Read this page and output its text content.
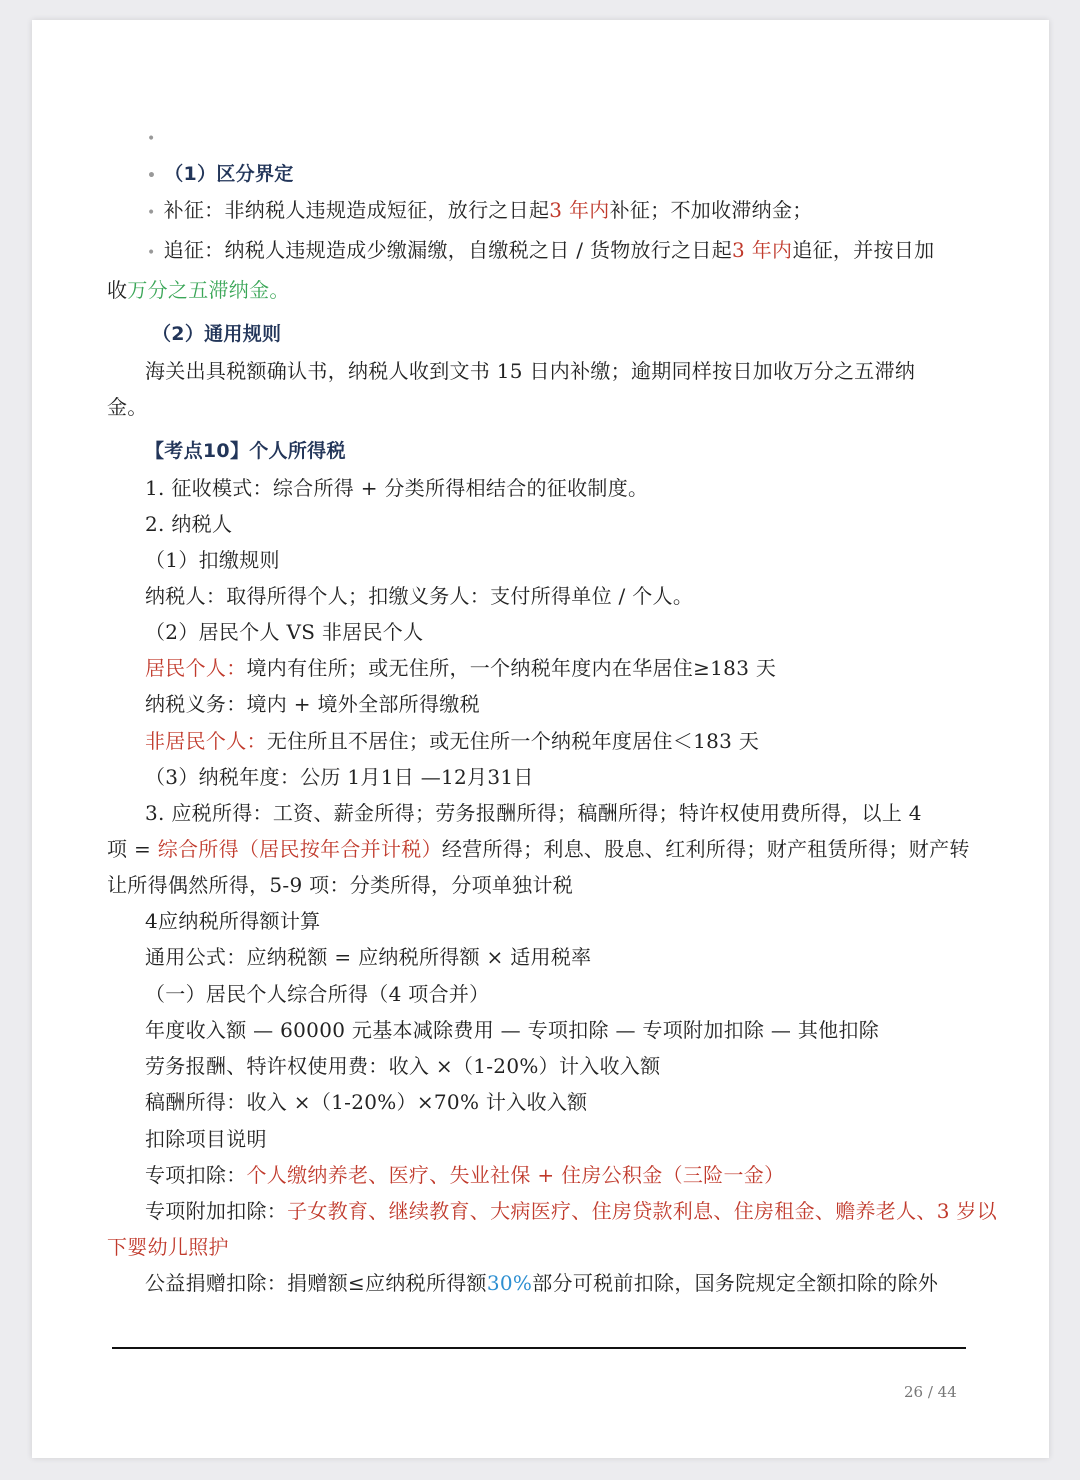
•
• （1）区分界定
• 补征：非纳税人违规造成短征，放行之日起3 年内补征；不加收滞纳金；
• 追征：纳税人违规造成少缴漏缴，自缴税之日 / 货物放行之日起3 年内追征，并按日加
收万分之五滞纳金。
（2）通用规则
海关出具税额确认书，纳税人收到文书 15 日内补缴；逾期同样按日加收万分之五滞纳
金。
【考点10】个人所得税
1. 征收模式：综合所得 + 分类所得相结合的征收制度。
2. 纳税人
（1）扣缴规则
纳税人：取得所得个人；扣缴义务人：支付所得单位 / 个人。
（2）居民个人 VS 非居民个人
居民个人：境内有住所；或无住所，一个纳税年度内在华居住≥183 天
纳税义务：境内 + 境外全部所得缴税
非居民个人：无住所且不居住；或无住所一个纳税年度居住＜183 天
（3）纳税年度：公历 1月1日 —12月31日
3. 应税所得：工资、薪金所得；劳务报酬所得；稿酬所得；特许权使用费所得，以上 4
项 = 综合所得（居民按年合并计税）经营所得；利息、股息、红利所得；财产租赁所得；财产转
让所得偶然所得，5-9 项：分类所得，分项单独计税
4应纳税所得额计算
通用公式：应纳税额 = 应纳税所得额 × 适用税率
（一）居民个人综合所得（4 项合并）
年度收入额 — 60000 元基本减除费用 — 专项扣除 — 专项附加扣除 — 其他扣除
劳务报酬、特许权使用费：收入 ×（1-20%）计入收入额
稿酬所得：收入 ×（1-20%）×70% 计入收入额
扣除项目说明
专项扣除：个人缴纳养老、医疗、失业社保 + 住房公积金（三险一金）
专项附加扣除：子女教育、继续教育、大病医疗、住房贷款利息、住房租金、赡养老人、3 岁以
下婴幼儿照护
公益捐赠扣除：捐赠额≤应纳税所得额30%部分可税前扣除，国务院规定全额扣除的除外
26 / 44
